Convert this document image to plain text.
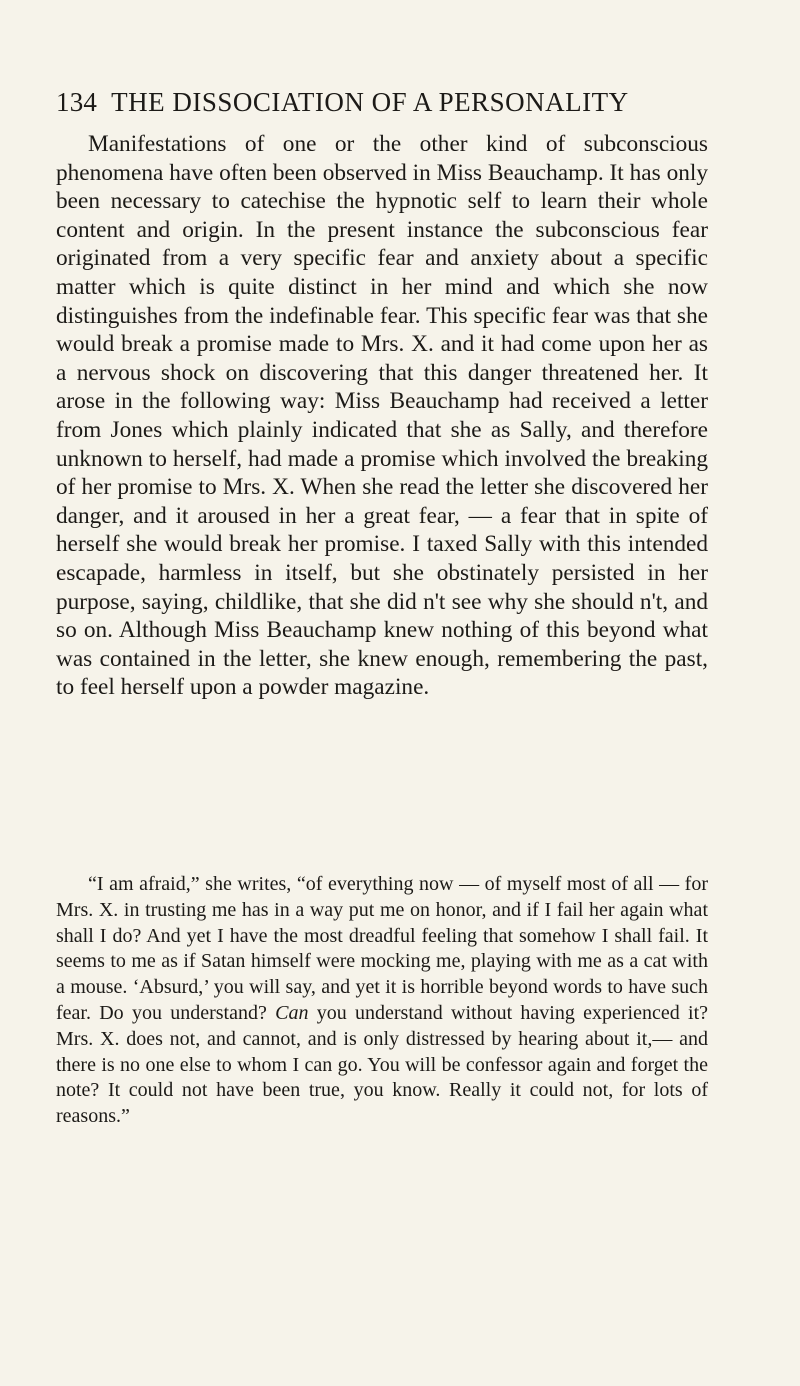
134 THE DISSOCIATION OF A PERSONALITY

Manifestations of one or the other kind of subconscious phenomena have often been observed in Miss Beauchamp. It has only been necessary to catechise the hypnotic self to learn their whole content and origin. In the present instance the subconscious fear originated from a very specific fear and anxiety about a specific matter which is quite distinct in her mind and which she now distinguishes from the indefinable fear. This specific fear was that she would break a promise made to Mrs. X. and it had come upon her as a nervous shock on discovering that this danger threatened her. It arose in the following way: Miss Beauchamp had received a letter from Jones which plainly indicated that she as Sally, and therefore unknown to herself, had made a promise which involved the breaking of her promise to Mrs. X. When she read the letter she discovered her danger, and it aroused in her a great fear, — a fear that in spite of herself she would break her promise. I taxed Sally with this intended escapade, harmless in itself, but she obstinately persisted in her purpose, saying, childlike, that she did n't see why she should n't, and so on. Although Miss Beauchamp knew nothing of this beyond what was contained in the letter, she knew enough, remembering the past, to feel herself upon a powder magazine.

“I am afraid,” she writes, “of everything now — of myself most of all — for Mrs. X. in trusting me has in a way put me on honor, and if I fail her again what shall I do? And yet I have the most dreadful feeling that somehow I shall fail. It seems to me as if Satan himself were mocking me, playing with me as a cat with a mouse. ‘Absurd,’ you will say, and yet it is horrible beyond words to have such fear. Do you understand? Can you understand without having experienced it? Mrs. X. does not, and cannot, and is only distressed by hearing about it,— and there is no one else to whom I can go. You will be confessor again and forget the note? It could not have been true, you know. Really it could not, for lots of reasons.”
